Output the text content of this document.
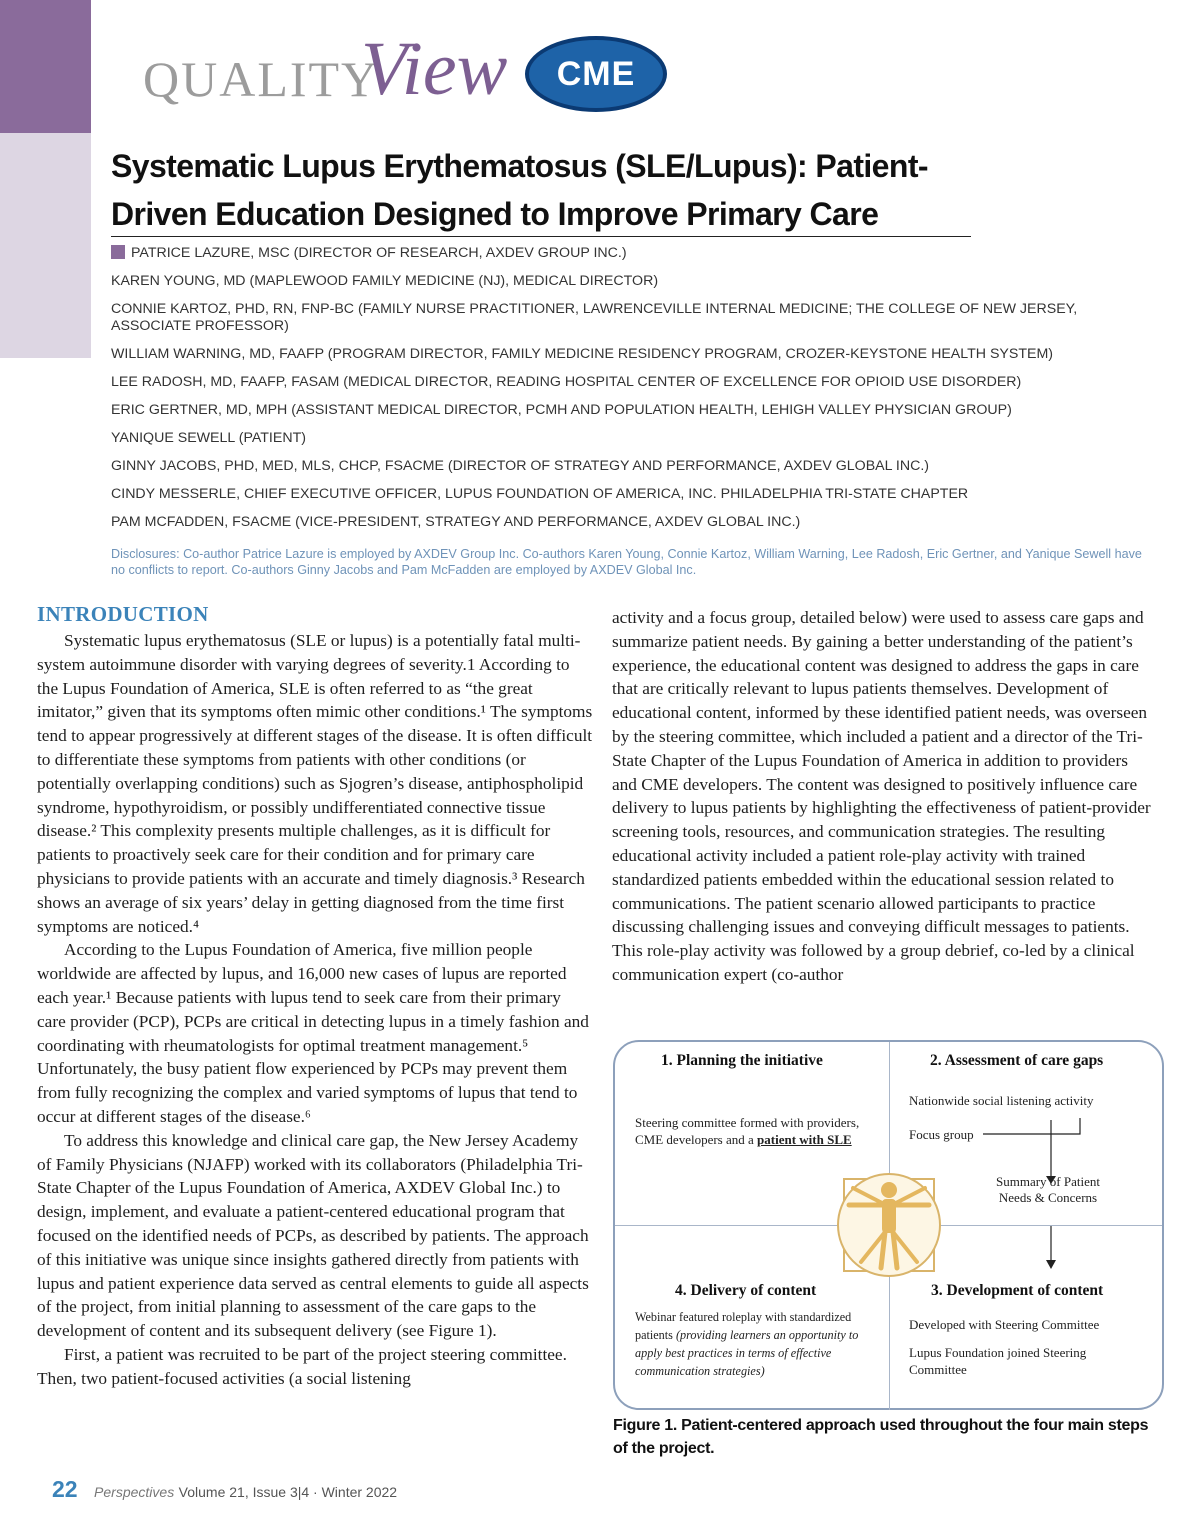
QUALITY
View CME
Systematic Lupus Erythematosus (SLE/Lupus): Patient-Driven Education Designed to Improve Primary Care
PATRICE LAZURE, MSC (DIRECTOR OF RESEARCH, AXDEV GROUP INC.)
KAREN YOUNG, MD (MAPLEWOOD FAMILY MEDICINE (NJ), MEDICAL DIRECTOR)
CONNIE KARTOZ, PHD, RN, FNP-BC (FAMILY NURSE PRACTITIONER, LAWRENCEVILLE INTERNAL MEDICINE; THE COLLEGE OF NEW JERSEY, ASSOCIATE PROFESSOR)
WILLIAM WARNING, MD, FAAFP (PROGRAM DIRECTOR, FAMILY MEDICINE RESIDENCY PROGRAM, CROZER-KEYSTONE HEALTH SYSTEM)
LEE RADOSH, MD, FAAFP, FASAM (MEDICAL DIRECTOR, READING HOSPITAL CENTER OF EXCELLENCE FOR OPIOID USE DISORDER)
ERIC GERTNER, MD, MPH (ASSISTANT MEDICAL DIRECTOR, PCMH AND POPULATION HEALTH, LEHIGH VALLEY PHYSICIAN GROUP)
YANIQUE SEWELL (PATIENT)
GINNY JACOBS, PHD, MED, MLS, CHCP, FSACME (DIRECTOR OF STRATEGY AND PERFORMANCE, AXDEV GLOBAL INC.)
CINDY MESSERLE, CHIEF EXECUTIVE OFFICER, LUPUS FOUNDATION OF AMERICA, INC. PHILADELPHIA TRI-STATE CHAPTER
PAM MCFADDEN, FSACME (VICE-PRESIDENT, STRATEGY AND PERFORMANCE, AXDEV GLOBAL INC.)

Disclosures: Co-author Patrice Lazure is employed by AXDEV Group Inc. Co-authors Karen Young, Connie Kartoz, William Warning, Lee Radosh, Eric Gertner, and Yanique Sewell have no conflicts to report. Co-authors Ginny Jacobs and Pam McFadden are employed by AXDEV Global Inc.

INTRODUCTION

Systematic lupus erythematosus (SLE or lupus) is a potentially fatal multi-system autoimmune disorder with varying degrees of severity.1 According to the Lupus Foundation of America, SLE is often referred to as “the great imitator,” given that its symptoms often mimic other conditions.¹ The symptoms tend to appear progressively at different stages of the disease. It is often difficult to differentiate these symptoms from patients with other conditions (or potentially overlapping conditions) such as Sjogren’s disease, antiphospholipid syndrome, hypothyroidism, or possibly undifferentiated connective tissue disease.² This complexity presents multiple challenges, as it is difficult for patients to proactively seek care for their condition and for primary care physicians to provide patients with an accurate and timely diagnosis.³ Research shows an average of six years’ delay in getting diagnosed from the time first symptoms are noticed.⁴

According to the Lupus Foundation of America, five million people worldwide are affected by lupus, and 16,000 new cases of lupus are reported each year.¹ Because patients with lupus tend to seek care from their primary care provider (PCP), PCPs are critical in detecting lupus in a timely fashion and coordinating with rheumatologists for optimal treatment management.⁵ Unfortunately, the busy patient flow experienced by PCPs may prevent them from fully recognizing the complex and varied symptoms of lupus that tend to occur at different stages of the disease.⁶

To address this knowledge and clinical care gap, the New Jersey Academy of Family Physicians (NJAFP) worked with its collaborators (Philadelphia Tri-State Chapter of the Lupus Foundation of America, AXDEV Global Inc.) to design, implement, and evaluate a patient-centered educational program that focused on the identified needs of PCPs, as described by patients. The approach of this initiative was unique since insights gathered directly from patients with lupus and patient experience data served as central elements to guide all aspects of the project, from initial planning to assessment of the care gaps to the development of content and its subsequent delivery (see Figure 1).

First, a patient was recruited to be part of the project steering committee. Then, two patient-focused activities (a social listening

activity and a focus group, detailed below) were used to assess care gaps and summarize patient needs. By gaining a better understanding of the patient’s experience, the educational content was designed to address the gaps in care that are critically relevant to lupus patients themselves. Development of educational content, informed by these identified patient needs, was overseen by the steering committee, which included a patient and a director of the Tri-State Chapter of the Lupus Foundation of America in addition to providers and CME developers. The content was designed to positively influence care delivery to lupus patients by highlighting the effectiveness of patient-provider screening tools, resources, and communication strategies. The resulting educational activity included a patient role-play activity with trained standardized patients embedded within the educational session related to communications. The patient scenario allowed participants to practice discussing challenging issues and conveying difficult messages to patients. This role-play activity was followed by a group debrief, co-led by a clinical communication expert (co-author

1. Planning the initiative
Steering committee formed with providers, CME developers and a patient with SLE
2. Assessment of care gaps
Nationwide social listening activity
Focus group
Summary of Patient Needs & Concerns
3. Development of content
Developed with Steering Committee
Lupus Foundation joined Steering Committee
4. Delivery of content
Webinar featured roleplay with standardized patients (providing learners an opportunity to apply best practices in terms of effective communication strategies)

Figure 1. Patient-centered approach used throughout the four main steps of the project.

22 Perspectives Volume 21, Issue 3|4 · Winter 2022
